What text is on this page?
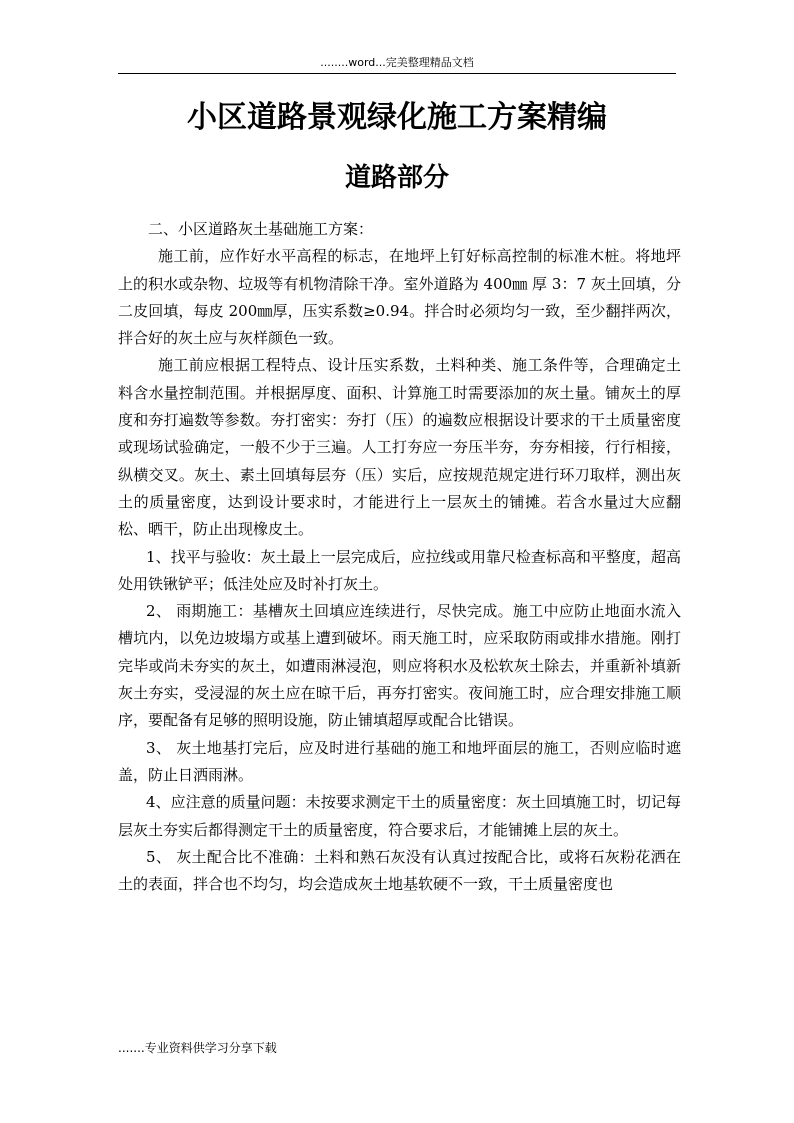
........word...完美整理精品文档
小区道路景观绿化施工方案精编
道路部分

二、小区道路灰土基础施工方案：

施工前，应作好水平高程的标志，在地坪上钉好标高控制的标准木桩。将地坪上的积水或杂物、垃圾等有机物清除干净。室外道路为 400㎜ 厚 3：7 灰土回填，分二皮回填，每皮 200㎜厚，压实系数≥0.94。拌合时必须均匀一致，至少翻拌两次，拌合好的灰土应与灰样颜色一致。

施工前应根据工程特点、设计压实系数，土料种类、施工条件等，合理确定土料含水量控制范围。并根据厚度、面积、计算施工时需要添加的灰土量。铺灰土的厚度和夯打遍数等参数。夯打密实：夯打（压）的遍数应根据设计要求的干土质量密度或现场试验确定，一般不少于三遍。人工打夯应一夯压半夯，夯夯相接，行行相接，纵横交叉。灰土、素土回填每层夯（压）实后，应按规范规定进行环刀取样，测出灰土的质量密度，达到设计要求时，才能进行上一层灰土的铺摊。若含水量过大应翻松、晒干，防止出现橡皮土。

1、找平与验收：灰土最上一层完成后，应拉线或用靠尺检查标高和平整度，超高处用铁锹铲平；低洼处应及时补打灰土。

2、 雨期施工：基槽灰土回填应连续进行，尽快完成。施工中应防止地面水流入槽坑内，以免边坡塌方或基上遭到破坏。雨天施工时，应采取防雨或排水措施。刚打完毕或尚未夯实的灰土，如遭雨淋浸泡，则应将积水及松软灰土除去，并重新补填新灰土夯实，受浸湿的灰土应在晾干后，再夯打密实。夜间施工时，应合理安排施工顺序，要配备有足够的照明设施，防止铺填超厚或配合比错误。

3、 灰土地基打完后，应及时进行基础的施工和地坪面层的施工，否则应临时遮盖，防止日洒雨淋。

4、应注意的质量问题：未按要求测定干土的质量密度：灰土回填施工时，切记每层灰土夯实后都得测定干土的质量密度，符合要求后，才能铺摊上层的灰土。

5、 灰土配合比不准确：土料和熟石灰没有认真过按配合比，或将石灰粉花洒在土的表面，拌合也不均匀，均会造成灰土地基软硬不一致，干土质量密度也

.......专业资料供学习分享下载
